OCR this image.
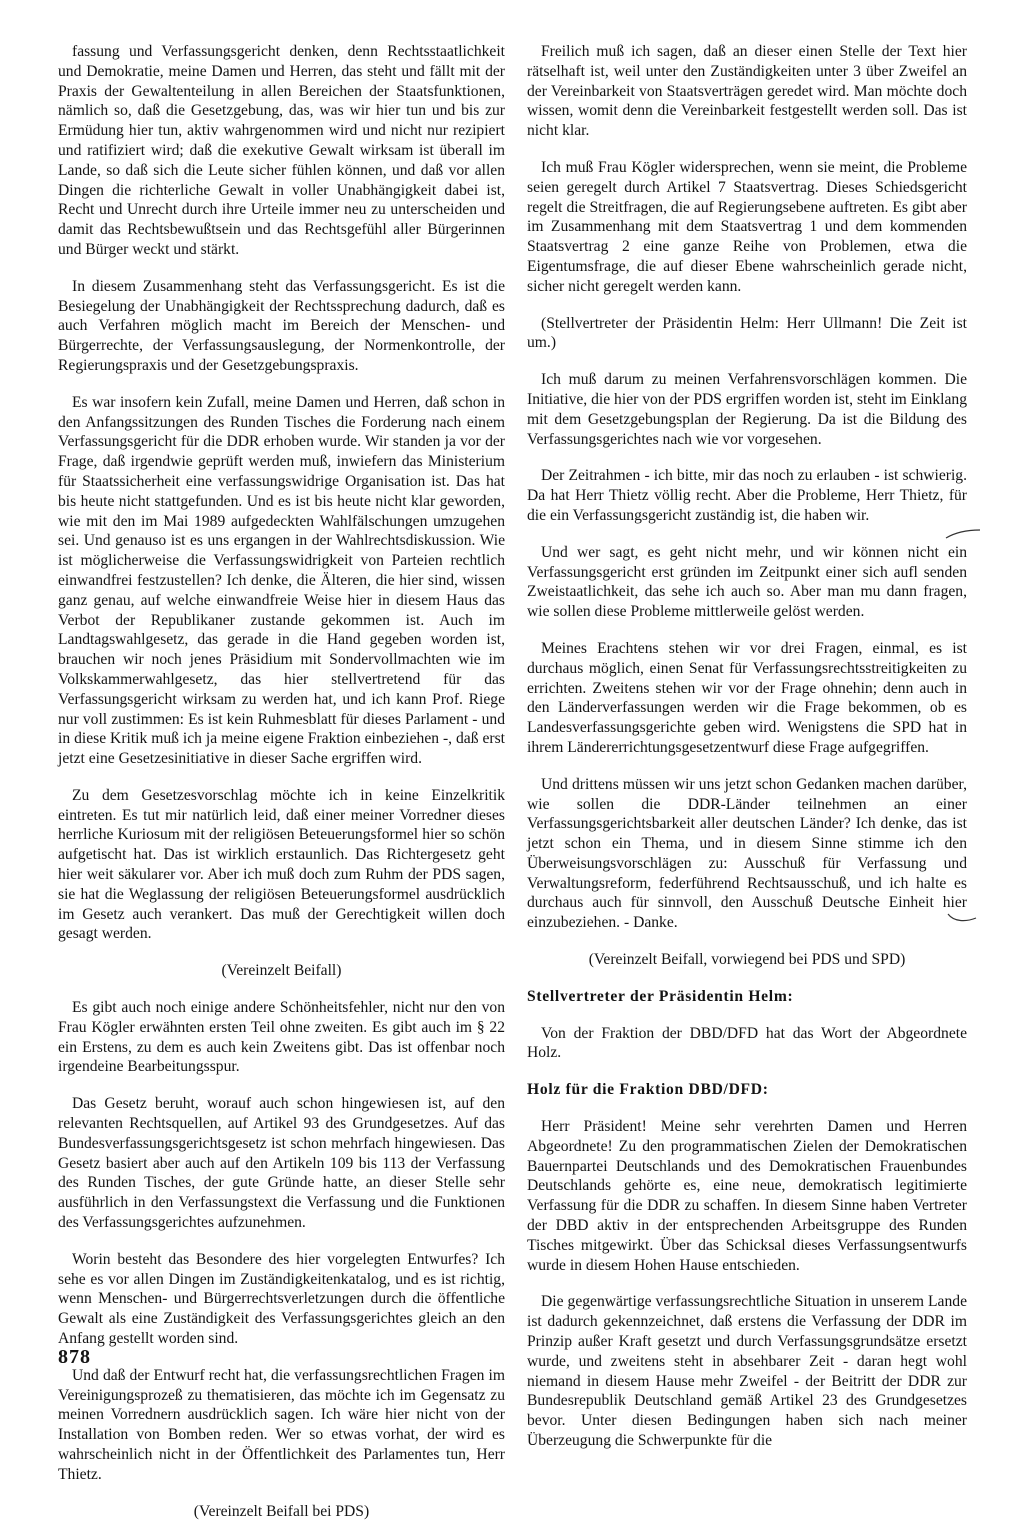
fassung und Verfassungsgericht denken, denn Rechtsstaatlichkeit und Demokratie, meine Damen und Herren, das steht und fällt mit der Praxis der Gewaltenteilung in allen Bereichen der Staatsfunktionen, nämlich so, daß die Gesetzgebung, das, was wir hier tun und bis zur Ermüdung hier tun, aktiv wahrgenommen wird und nicht nur rezipiert und ratifiziert wird; daß die exekutive Gewalt wirksam ist überall im Lande, so daß sich die Leute sicher fühlen können, und daß vor allen Dingen die richterliche Gewalt in voller Unabhängigkeit dabei ist, Recht und Unrecht durch ihre Urteile immer neu zu unterscheiden und damit das Rechtsbewußtsein und das Rechtsgefühl aller Bürgerinnen und Bürger weckt und stärkt.

In diesem Zusammenhang steht das Verfassungsgericht. Es ist die Besiegelung der Unabhängigkeit der Rechtssprechung dadurch, daß es auch Verfahren möglich macht im Bereich der Menschen- und Bürgerrechte, der Verfassungsauslegung, der Normenkontrolle, der Regierungspraxis und der Gesetzgebungspraxis.

Es war insofern kein Zufall, meine Damen und Herren, daß schon in den Anfangssitzungen des Runden Tisches die Forderung nach einem Verfassungsgericht für die DDR erhoben wurde. Wir standen ja vor der Frage, daß irgendwie geprüft werden muß, inwiefern das Ministerium für Staatssicherheit eine verfassungswidrige Organisation ist. Das hat bis heute nicht stattgefunden. Und es ist bis heute nicht klar geworden, wie mit den im Mai 1989 aufgedeckten Wahlfälschungen umzugehen sei. Und genauso ist es uns ergangen in der Wahlrechtsdiskussion. Wie ist möglicherweise die Verfassungswidrigkeit von Parteien rechtlich einwandfrei festzustellen? Ich denke, die Älteren, die hier sind, wissen ganz genau, auf welche einwandfreie Weise hier in diesem Haus das Verbot der Republikaner zustande gekommen ist. Auch im Landtagswahlgesetz, das gerade in die Hand gegeben worden ist, brauchen wir noch jenes Präsidium mit Sondervollmachten wie im Volkskammerwahlgesetz, das hier stellvertretend für das Verfassungsgericht wirksam zu werden hat, und ich kann Prof. Riege nur voll zustimmen: Es ist kein Ruhmesblatt für dieses Parlament - und in diese Kritik muß ich ja meine eigene Fraktion einbeziehen -, daß erst jetzt eine Gesetzesinitiative in dieser Sache ergriffen wird.

Zu dem Gesetzesvorschlag möchte ich in keine Einzelkritik eintreten. Es tut mir natürlich leid, daß einer meiner Vorredner dieses herrliche Kuriosum mit der religiösen Beteuerungsformel hier so schön aufgetischt hat. Das ist wirklich erstaunlich. Das Richtergesetz geht hier weit säkularer vor. Aber ich muß doch zum Ruhm der PDS sagen, sie hat die Weglassung der religiösen Beteuerungsformel ausdrücklich im Gesetz auch verankert. Das muß der Gerechtigkeit willen doch gesagt werden.

(Vereinzelt Beifall)

Es gibt auch noch einige andere Schönheitsfehler, nicht nur den von Frau Kögler erwähnten ersten Teil ohne zweiten. Es gibt auch im § 22 ein Erstens, zu dem es auch kein Zweitens gibt. Das ist offenbar noch irgendeine Bearbeitungsspur.

Das Gesetz beruht, worauf auch schon hingewiesen ist, auf den relevanten Rechtsquellen, auf Artikel 93 des Grundgesetzes. Auf das Bundesverfassungsgerichtsgesetz ist schon mehrfach hingewiesen. Das Gesetz basiert aber auch auf den Artikeln 109 bis 113 der Verfassung des Runden Tisches, der gute Gründe hatte, an dieser Stelle sehr ausführlich in den Verfassungstext die Verfassung und die Funktionen des Verfassungsgerichtes aufzunehmen.

Worin besteht das Besondere des hier vorgelegten Entwurfes? Ich sehe es vor allen Dingen im Zuständigkeitenkatalog, und es ist richtig, wenn Menschen- und Bürgerrechtsverletzungen durch die öffentliche Gewalt als eine Zuständigkeit des Verfassungsgerichtes gleich an den Anfang gestellt worden sind.

Und daß der Entwurf recht hat, die verfassungsrechtlichen Fragen im Vereinigungsprozeß zu thematisieren, das möchte ich im Gegensatz zu meinen Vorrednern ausdrücklich sagen. Ich wäre hier nicht von der Installation von Bomben reden. Wer so etwas vorhat, der wird es wahrscheinlich nicht in der Öffentlichkeit des Parlamentes tun, Herr Thietz.

(Vereinzelt Beifall bei PDS)

Freilich muß ich sagen, daß an dieser einen Stelle der Text hier rätselhaft ist, weil unter den Zuständigkeiten unter 3 über Zweifel an der Vereinbarkeit von Staatsverträgen geredet wird. Man möchte doch wissen, womit denn die Vereinbarkeit festgestellt werden soll. Das ist nicht klar.

Ich muß Frau Kögler widersprechen, wenn sie meint, die Probleme seien geregelt durch Artikel 7 Staatsvertrag. Dieses Schiedsgericht regelt die Streitfragen, die auf Regierungsebene auftreten. Es gibt aber im Zusammenhang mit dem Staatsvertrag 1 und dem kommenden Staatsvertrag 2 eine ganze Reihe von Problemen, etwa die Eigentumsfrage, die auf dieser Ebene wahrscheinlich gerade nicht, sicher nicht geregelt werden kann.

(Stellvertreter der Präsidentin Helm: Herr Ullmann! Die Zeit ist um.)

Ich muß darum zu meinen Verfahrensvorschlägen kommen. Die Initiative, die hier von der PDS ergriffen worden ist, steht im Einklang mit dem Gesetzgebungsplan der Regierung. Da ist die Bildung des Verfassungsgerichtes nach wie vor vorgesehen.

Der Zeitrahmen - ich bitte, mir das noch zu erlauben - ist schwierig. Da hat Herr Thietz völlig recht. Aber die Probleme, Herr Thietz, für die ein Verfassungsgericht zuständig ist, die haben wir.

Und wer sagt, es geht nicht mehr, und wir können nicht ein Verfassungsgericht erst gründen im Zeitpunkt einer sich aufl senden Zweistaatlichkeit, das sehe ich auch so. Aber man mu dann fragen, wie sollen diese Probleme mittlerweile gelöst werden.

Meines Erachtens stehen wir vor drei Fragen, einmal, es ist durchaus möglich, einen Senat für Verfassungsrechtsstreitigkeiten zu errichten. Zweitens stehen wir vor der Frage ohnehin; denn auch in den Länderverfassungen werden wir die Frage bekommen, ob es Landesverfassungsgerichte geben wird. Wenigstens die SPD hat in ihrem Ländererrichtungsgesetzentwurf diese Frage aufgegriffen.

Und drittens müssen wir uns jetzt schon Gedanken machen darüber, wie sollen die DDR-Länder teilnehmen an einer Verfassungsgerichtsbarkeit aller deutschen Länder? Ich denke, das ist jetzt schon ein Thema, und in diesem Sinne stimme ich den Überweisungsvorschlägen zu: Ausschuß für Verfassung und Verwaltungsreform, federführend Rechtsausschuß, und ich halte es durchaus auch für sinnvoll, den Ausschuß Deutsche Einheit hier einzubeziehen. - Danke.

(Vereinzelt Beifall, vorwiegend bei PDS und SPD)

Stellvertreter der Präsidentin Helm:

Von der Fraktion der DBD/DFD hat das Wort der Abgeordnete Holz.

Holz für die Fraktion DBD/DFD:

Herr Präsident! Meine sehr verehrten Damen und Herren Abgeordnete! Zu den programmatischen Zielen der Demokratischen Bauernpartei Deutschlands und des Demokratischen Frauenbundes Deutschlands gehörte es, eine neue, demokratisch legitimierte Verfassung für die DDR zu schaffen. In diesem Sinne haben Vertreter der DBD aktiv in der entsprechenden Arbeitsgruppe des Runden Tisches mitgewirkt. Über das Schicksal dieses Verfassungsentwurfs wurde in diesem Hohen Hause entschieden.

Die gegenwärtige verfassungsrechtliche Situation in unserem Lande ist dadurch gekennzeichnet, daß erstens die Verfassung der DDR im Prinzip außer Kraft gesetzt und durch Verfassungsgrundsätze ersetzt wurde, und zweitens steht in absehbarer Zeit - daran hegt wohl niemand in diesem Hause mehr Zweifel - der Beitritt der DDR zur Bundesrepublik Deutschland gemäß Artikel 23 des Grundgesetzes bevor. Unter diesen Bedingungen haben sich nach meiner Überzeugung die Schwerpunkte für die

878
